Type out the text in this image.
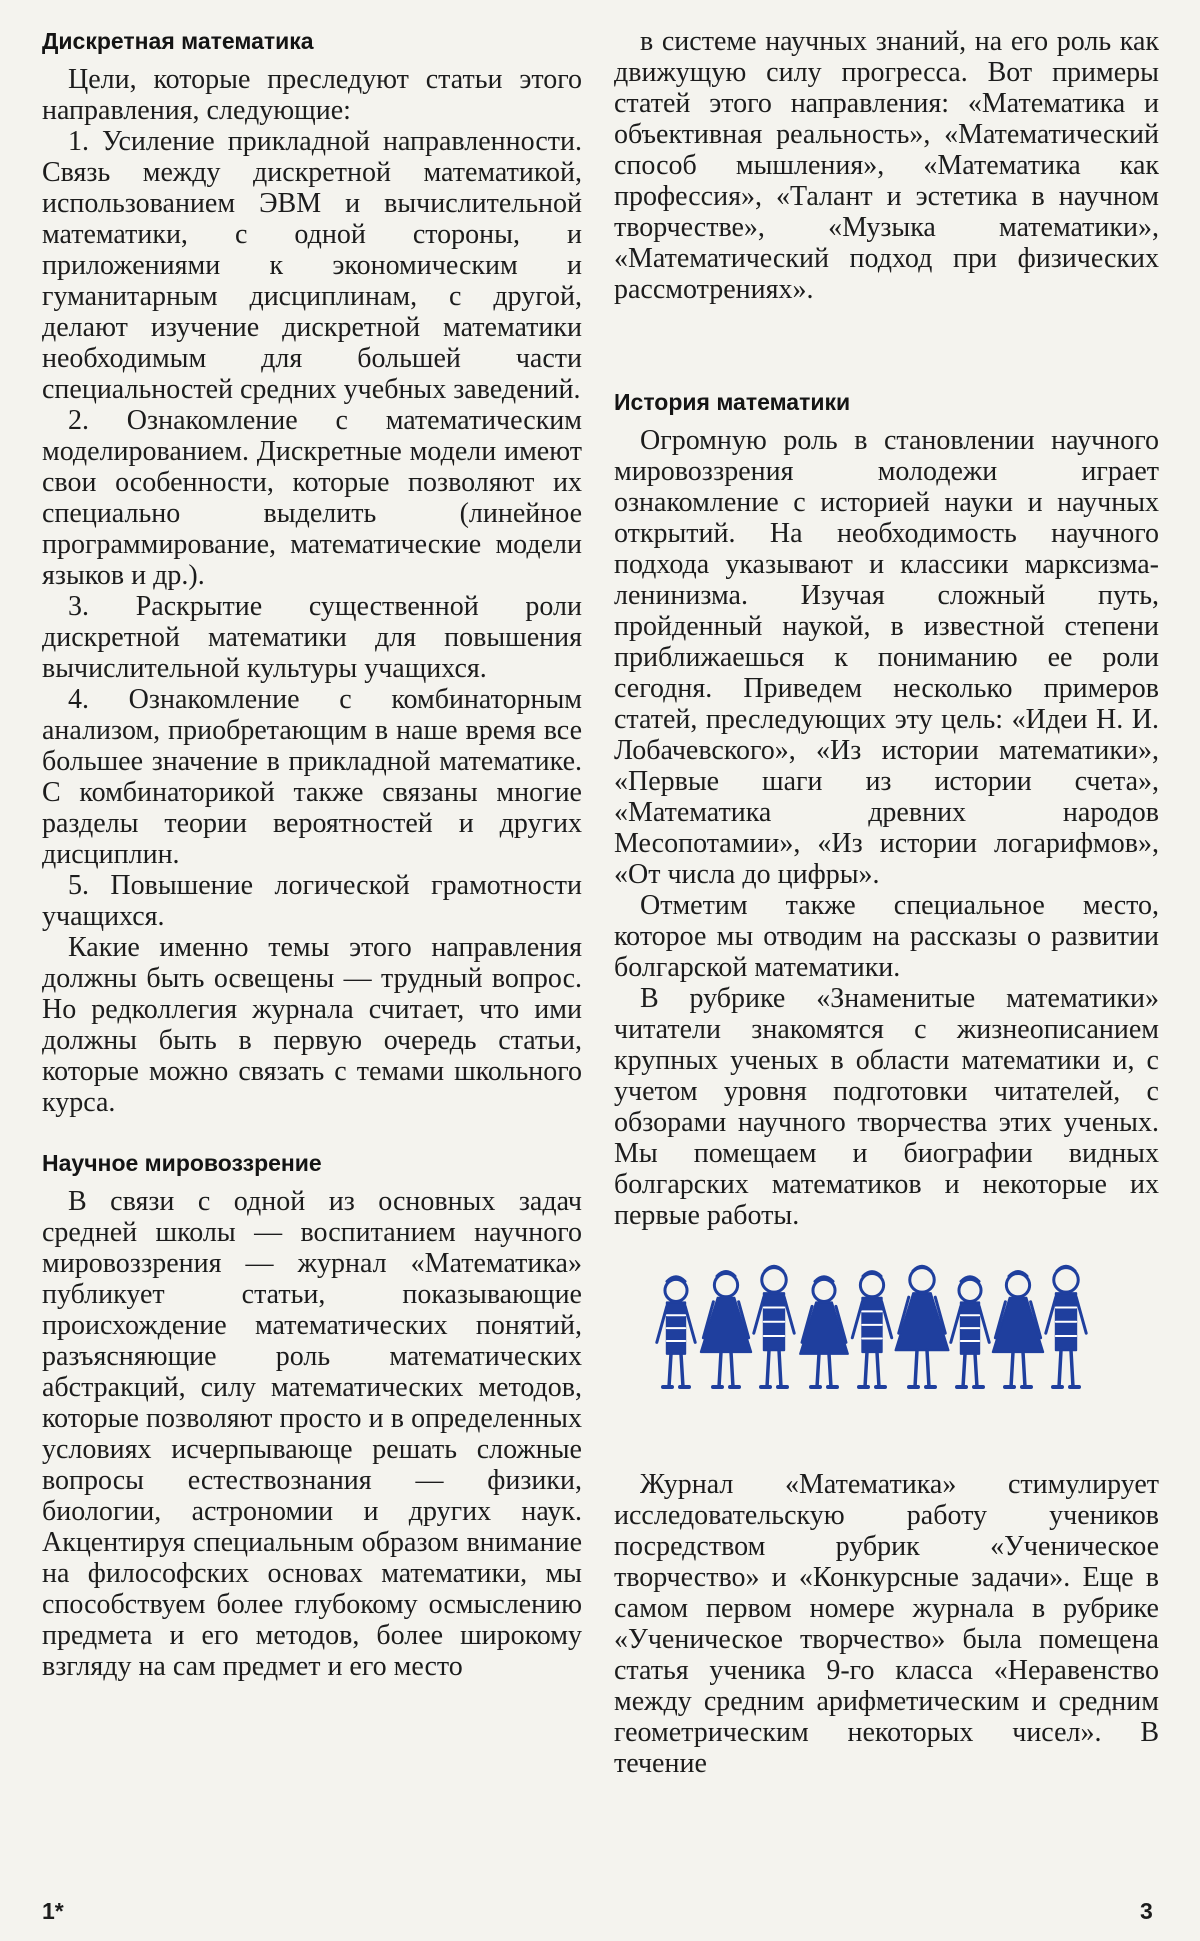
Дискретная математика

Цели, которые преследуют статьи этого направления, следующие:

1. Усиление прикладной направленности. Связь между дискретной математикой, использованием ЭВМ и вычислительной математики, с одной стороны, и приложениями к экономическим и гуманитарным дисциплинам, с другой, делают изучение дискретной математики необходимым для большей части специальностей средних учебных заведений.

2. Ознакомление с математическим моделированием. Дискретные модели имеют свои особенности, которые позволяют их специально выделить (линейное программирование, математические модели языков и др.).

3. Раскрытие существенной роли дискретной математики для повышения вычислительной культуры учащихся.

4. Ознакомление с комбинаторным анализом, приобретающим в наше время все большее значение в прикладной математике. С комбинаторикой также связаны многие разделы теории вероятностей и других дисциплин.

5. Повышение логической грамотности учащихся.

Какие именно темы этого направления должны быть освещены — трудный вопрос. Но редколлегия журнала считает, что ими должны быть в первую очередь статьи, которые можно связать с темами школьного курса.

Научное мировоззрение

В связи с одной из основных задач средней школы — воспитанием научного мировоззрения — журнал «Математика» публикует статьи, показывающие происхождение математических понятий, разъясняющие роль математических абстракций, силу математических методов, которые позволяют просто и в определенных условиях исчерпывающе решать сложные вопросы естествознания — физики, биологии, астрономии и других наук. Акцентируя специальным образом внимание на философских основах математики, мы способствуем более глубокому осмыслению предмета и его методов, более широкому взгляду на сам предмет и его место

в системе научных знаний, на его роль как движущую силу прогресса. Вот примеры статей этого направления: «Математика и объективная реальность», «Математический способ мышления», «Математика как профессия», «Талант и эстетика в научном творчестве», «Музыка математики», «Математический подход при физических рассмотрениях».

История математики

Огромную роль в становлении научного мировоззрения молодежи играет ознакомление с историей науки и научных открытий. На необходимость научного подхода указывают и классики марксизма-ленинизма. Изучая сложный путь, пройденный наукой, в известной степени приближаешься к пониманию ее роли сегодня. Приведем несколько примеров статей, преследующих эту цель: «Идеи Н. И. Лобачевского», «Из истории математики», «Первые шаги из истории счета», «Математика древних народов Месопотамии», «Из истории логарифмов», «От числа до цифры».

Отметим также специальное место, которое мы отводим на рассказы о развитии болгарской математики.

В рубрике «Знаменитые математики» читатели знакомятся с жизнеописанием крупных ученых в области математики и, с учетом уровня подготовки читателей, с обзорами научного творчества этих ученых. Мы помещаем и биографии видных болгарских математиков и некоторые их первые работы.

Журнал «Математика» стимулирует исследовательскую работу учеников посредством рубрик «Ученическое творчество» и «Конкурсные задачи». Еще в самом первом номере журнала в рубрике «Ученическое творчество» была помещена статья ученика 9-го класса «Неравенство между средним арифметическим и средним геометрическим некоторых чисел». В течение

1*	3
